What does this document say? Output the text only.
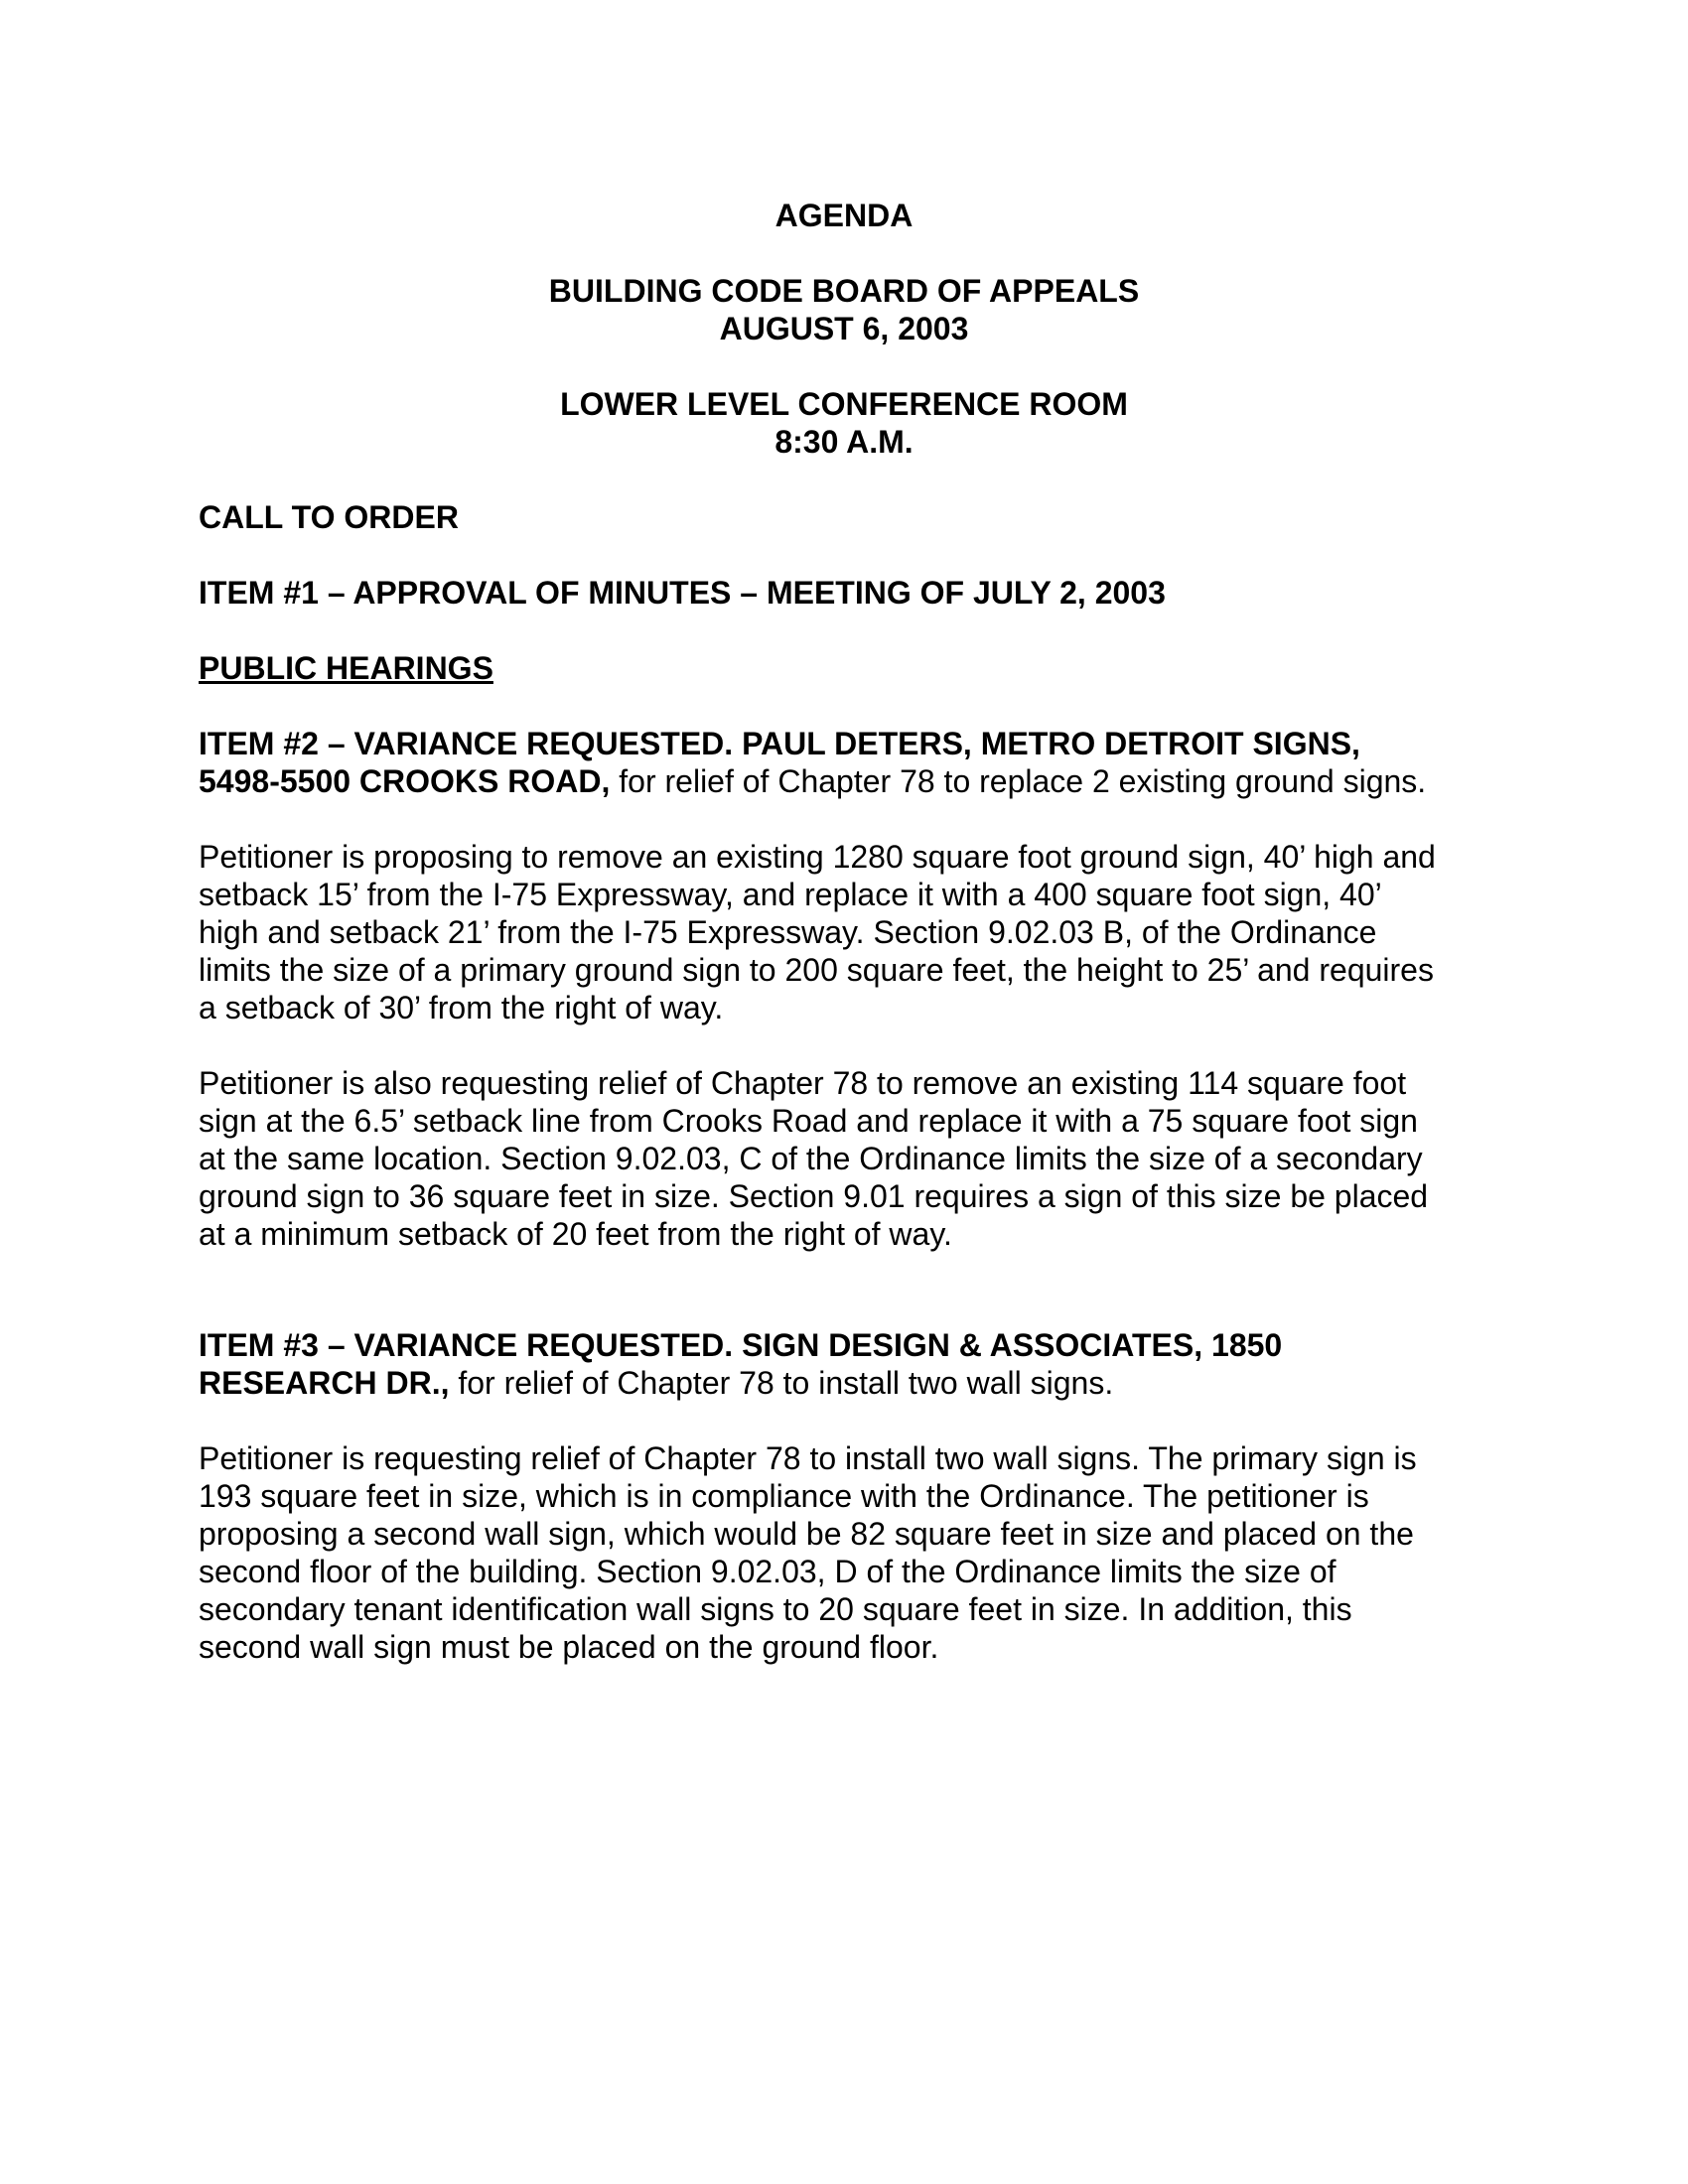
AGENDA
BUILDING CODE BOARD OF APPEALS
AUGUST 6, 2003
LOWER LEVEL CONFERENCE ROOM
8:30 A.M.
CALL TO ORDER
ITEM #1 – APPROVAL OF MINUTES – MEETING OF JULY 2, 2003
PUBLIC HEARINGS
ITEM #2 – VARIANCE REQUESTED. PAUL DETERS, METRO DETROIT SIGNS,
5498-5500 CROOKS ROAD, for relief of Chapter 78 to replace 2 existing ground signs.
Petitioner is proposing to remove an existing 1280 square foot ground sign, 40’ high and
setback 15’ from the I-75 Expressway, and replace it with a 400 square foot sign, 40’
high and setback 21’ from the I-75 Expressway. Section 9.02.03 B, of the Ordinance
limits the size of a primary ground sign to 200 square feet, the height to 25’ and requires
a setback of 30’ from the right of way.
Petitioner is also requesting relief of Chapter 78 to remove an existing 114 square foot
sign at the 6.5’ setback line from Crooks Road and replace it with a 75 square foot sign
at the same location. Section 9.02.03, C of the Ordinance limits the size of a secondary
ground sign to 36 square feet in size. Section 9.01 requires a sign of this size be placed
at a minimum setback of 20 feet from the right of way.
ITEM #3 – VARIANCE REQUESTED. SIGN DESIGN & ASSOCIATES, 1850
RESEARCH DR., for relief of Chapter 78 to install two wall signs.
Petitioner is requesting relief of Chapter 78 to install two wall signs. The primary sign is
193 square feet in size, which is in compliance with the Ordinance. The petitioner is
proposing a second wall sign, which would be 82 square feet in size and placed on the
second floor of the building. Section 9.02.03, D of the Ordinance limits the size of
secondary tenant identification wall signs to 20 square feet in size. In addition, this
second wall sign must be placed on the ground floor.
